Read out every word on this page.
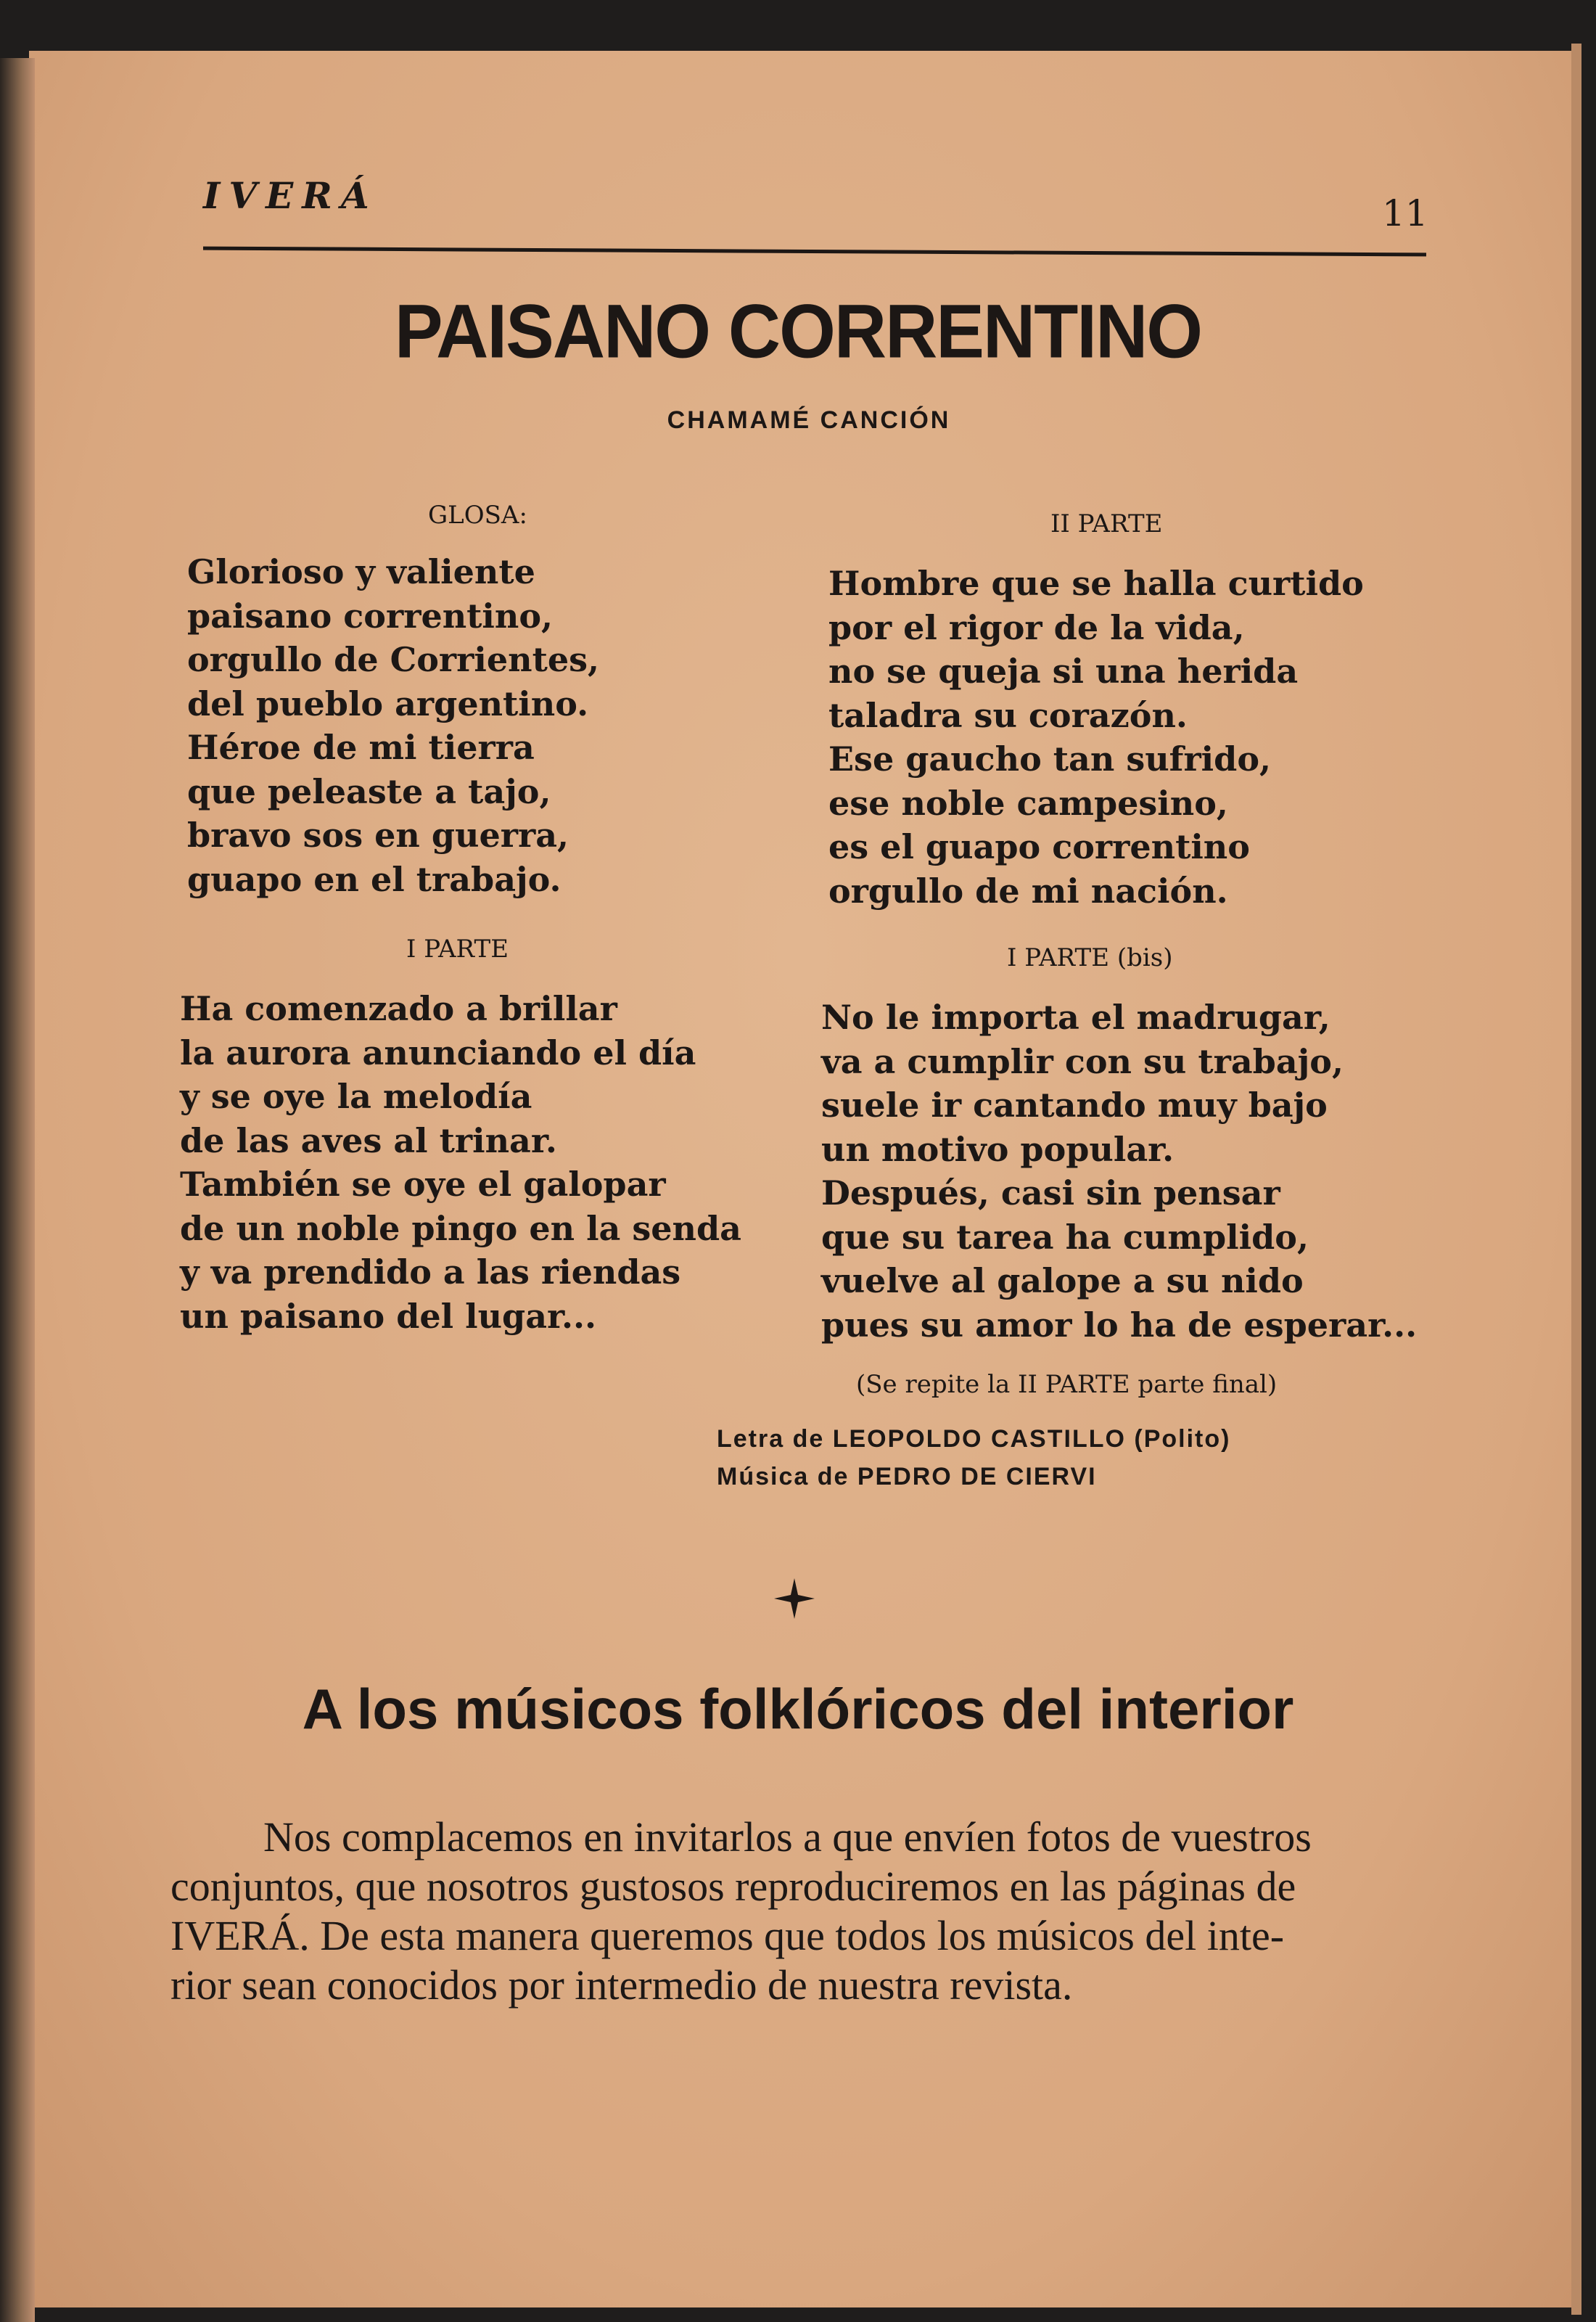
IVERÁ	11
PAISANO CORRENTINO
CHAMAMÉ CANCIÓN
GLOSA:
Glorioso y valiente
paisano correntino,
orgullo de Corrientes,
del pueblo argentino.
Héroe de mi tierra
que peleaste a tajo,
bravo sos en guerra,
guapo en el trabajo.
I PARTE
Ha comenzado a brillar
la aurora anunciando el día
y se oye la melodía
de las aves al trinar.
También se oye el galopar
de un noble pingo en la senda
y va prendido a las riendas
un paisano del lugar...
II PARTE
Hombre que se halla curtido
por el rigor de la vida,
no se queja si una herida
taladra su corazón.
Ese gaucho tan sufrido,
ese noble campesino,
es el guapo correntino
orgullo de mi nación.
I PARTE (bis)
No le importa el madrugar,
va a cumplir con su trabajo,
suele ir cantando muy bajo
un motivo popular.
Después, casi sin pensar
que su tarea ha cumplido,
vuelve al galope a su nido
pues su amor lo ha de esperar...
(Se repite la II PARTE parte final)
Letra de LEOPOLDO CASTILLO (Polito)
Música de PEDRO DE CIERVI
A los músicos folklóricos del interior
Nos complacemos en invitarlos a que envíen fotos de vuestros
conjuntos, que nosotros gustosos reproduciremos en las páginas de
IVERÁ. De esta manera queremos que todos los músicos del inte-
rior sean conocidos por intermedio de nuestra revista.
